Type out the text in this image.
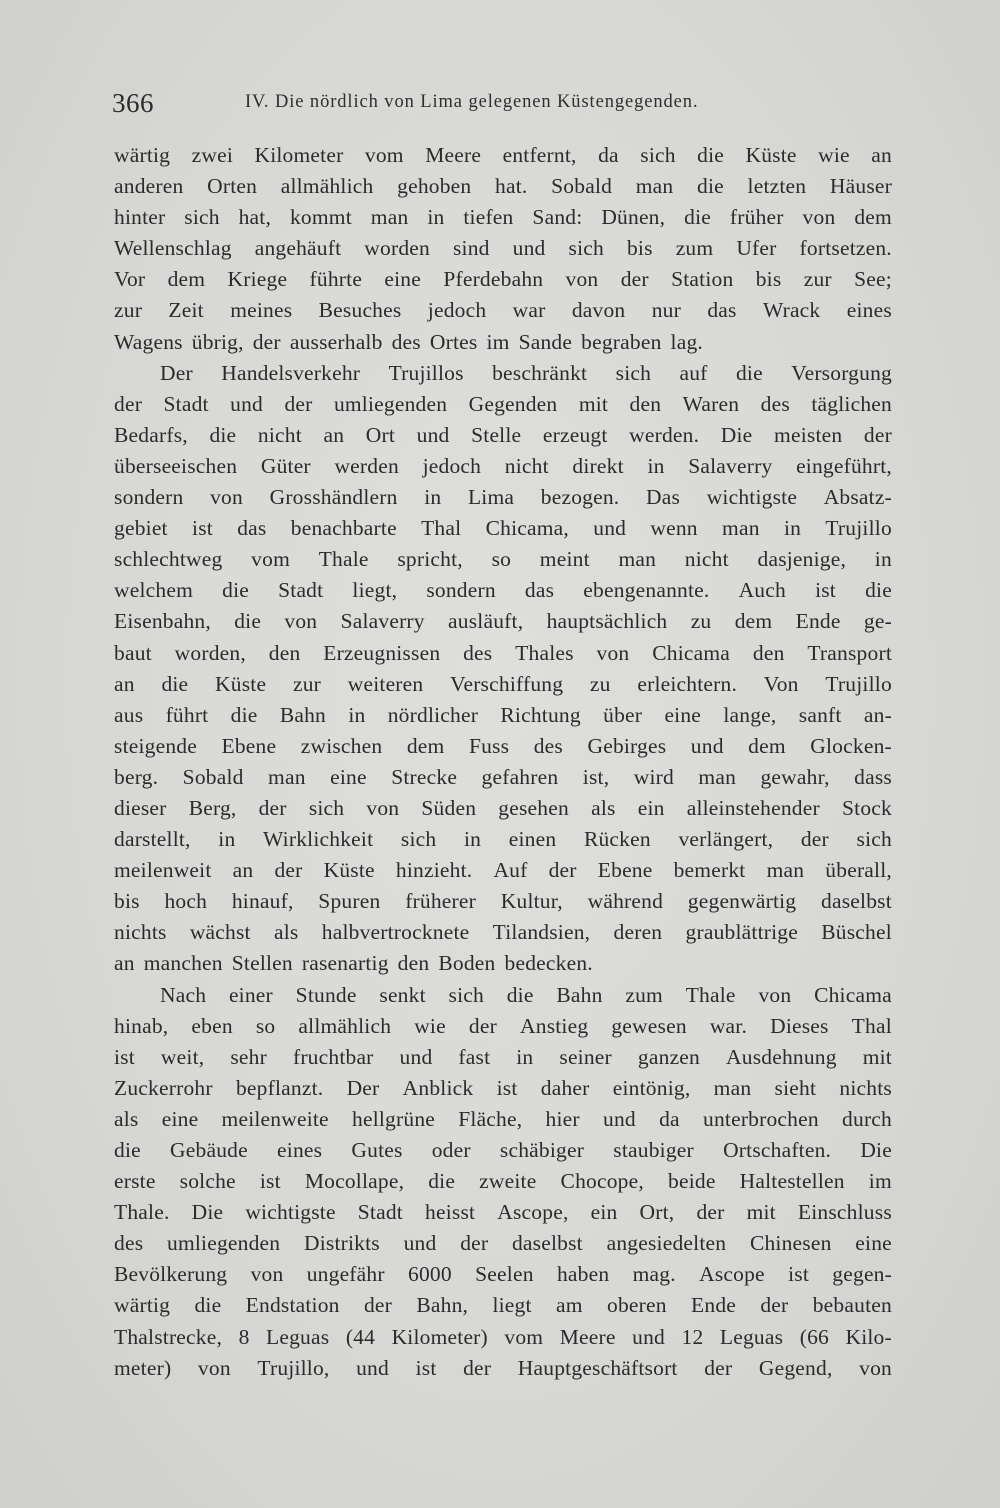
366	IV. Die nördlich von Lima gelegenen Küstengegenden.
wärtig zwei Kilometer vom Meere entfernt, da sich die Küste wie an
anderen Orten allmählich gehoben hat. Sobald man die letzten Häuser
hinter sich hat, kommt man in tiefen Sand: Dünen, die früher von dem
Wellenschlag angehäuft worden sind und sich bis zum Ufer fortsetzen.
Vor dem Kriege führte eine Pferdebahn von der Station bis zur See;
zur Zeit meines Besuches jedoch war davon nur das Wrack eines
Wagens übrig, der ausserhalb des Ortes im Sande begraben lag.
Der Handelsverkehr Trujillos beschränkt sich auf die Versorgung
der Stadt und der umliegenden Gegenden mit den Waren des täglichen
Bedarfs, die nicht an Ort und Stelle erzeugt werden. Die meisten der
überseeischen Güter werden jedoch nicht direkt in Salaverry eingeführt,
sondern von Grosshändlern in Lima bezogen. Das wichtigste Absatz-
gebiet ist das benachbarte Thal Chicama, und wenn man in Trujillo
schlechtweg vom Thale spricht, so meint man nicht dasjenige, in
welchem die Stadt liegt, sondern das ebengenannte. Auch ist die
Eisenbahn, die von Salaverry ausläuft, hauptsächlich zu dem Ende ge-
baut worden, den Erzeugnissen des Thales von Chicama den Transport
an die Küste zur weiteren Verschiffung zu erleichtern. Von Trujillo
aus führt die Bahn in nördlicher Richtung über eine lange, sanft an-
steigende Ebene zwischen dem Fuss des Gebirges und dem Glocken-
berg. Sobald man eine Strecke gefahren ist, wird man gewahr, dass
dieser Berg, der sich von Süden gesehen als ein alleinstehender Stock
darstellt, in Wirklichkeit sich in einen Rücken verlängert, der sich
meilenweit an der Küste hinzieht. Auf der Ebene bemerkt man überall,
bis hoch hinauf, Spuren früherer Kultur, während gegenwärtig daselbst
nichts wächst als halbvertrocknete Tilandsien, deren graublättrige Büschel
an manchen Stellen rasenartig den Boden bedecken.
Nach einer Stunde senkt sich die Bahn zum Thale von Chicama
hinab, eben so allmählich wie der Anstieg gewesen war. Dieses Thal
ist weit, sehr fruchtbar und fast in seiner ganzen Ausdehnung mit
Zuckerrohr bepflanzt. Der Anblick ist daher eintönig, man sieht nichts
als eine meilenweite hellgrüne Fläche, hier und da unterbrochen durch
die Gebäude eines Gutes oder schäbiger staubiger Ortschaften. Die
erste solche ist Mocollape, die zweite Chocope, beide Haltestellen im
Thale. Die wichtigste Stadt heisst Ascope, ein Ort, der mit Einschluss
des umliegenden Distrikts und der daselbst angesiedelten Chinesen eine
Bevölkerung von ungefähr 6000 Seelen haben mag. Ascope ist gegen-
wärtig die Endstation der Bahn, liegt am oberen Ende der bebauten
Thalstrecke, 8 Leguas (44 Kilometer) vom Meere und 12 Leguas (66 Kilo-
meter) von Trujillo, und ist der Hauptgeschäftsort der Gegend, von
